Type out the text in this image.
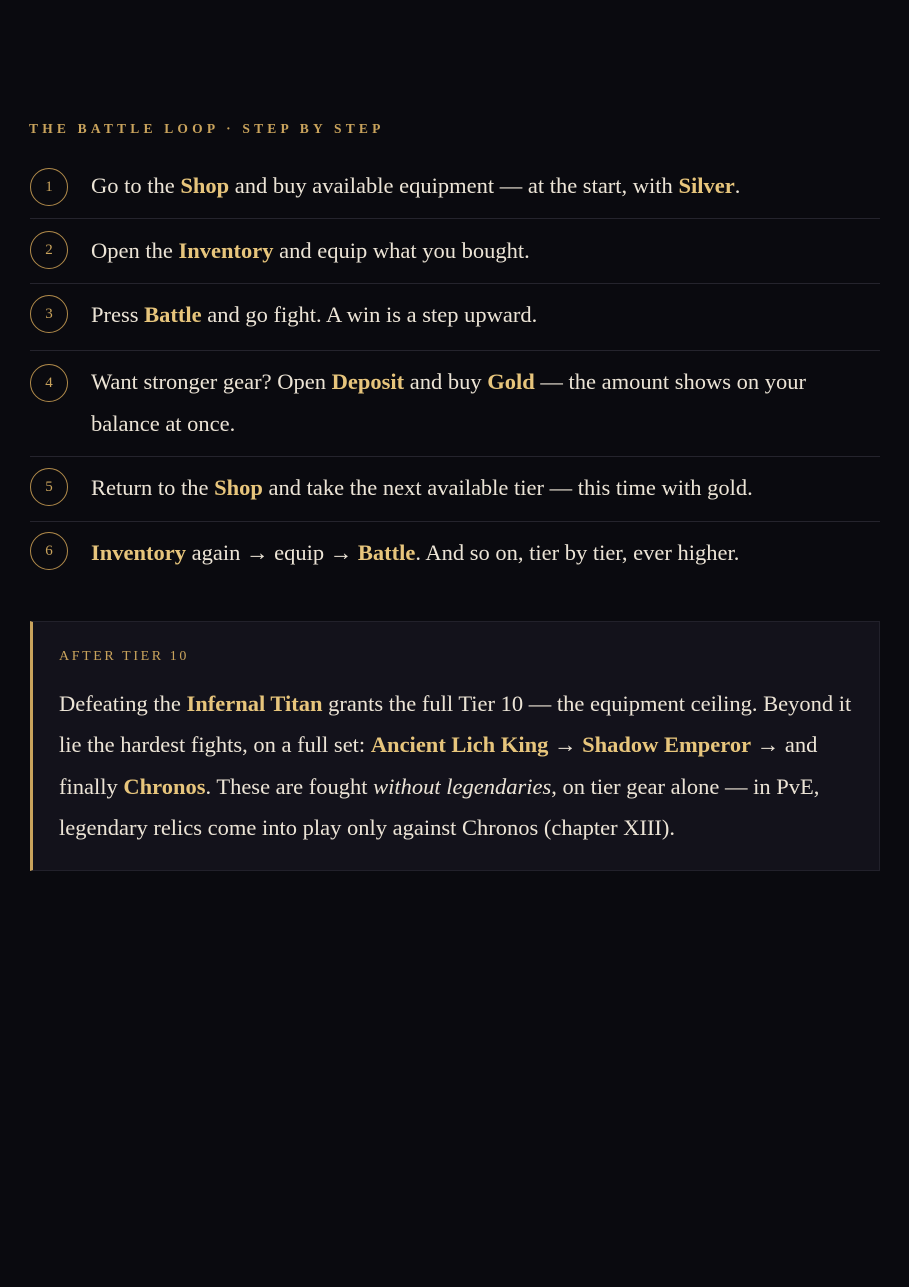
THE BATTLE LOOP · STEP BY STEP
1	Go to the Shop and buy available equipment — at the start, with Silver.
2	Open the Inventory and equip what you bought.
3	Press Battle and go fight. A win is a step upward.
4	Want stronger gear? Open Deposit and buy Gold — the amount shows on your balance at once.
5	Return to the Shop and take the next available tier — this time with gold.
6	Inventory again → equip → Battle. And so on, tier by tier, ever higher.
AFTER TIER 10
Defeating the Infernal Titan grants the full Tier 10 — the equipment ceiling. Beyond it lie the hardest fights, on a full set: Ancient Lich King → Shadow Emperor → and finally Chronos. These are fought without legendaries, on tier gear alone — in PvE, legendary relics come into play only against Chronos (chapter XIII).
